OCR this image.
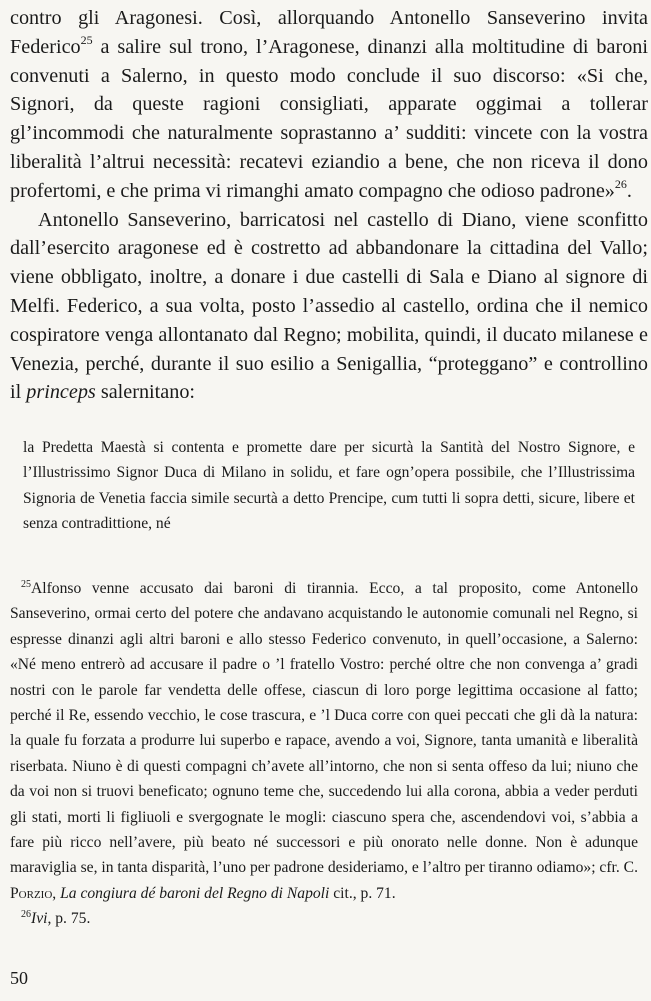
contro gli Aragonesi. Così, allorquando Antonello Sanseverino invita Federico$^{25}$ a salire sul trono, l’Aragonese, dinanzi alla moltitudine di baroni convenuti a Salerno, in questo modo conclude il suo discorso: «Si che, Signori, da queste ragioni consigliati, apparate oggimai a tollerar gl’incommodi che naturalmente soprastanno a’ sudditi: vincete con la vostra liberalità l’altrui necessità: recatevi eziandio a bene, che non riceva il dono profertomi, e che prima vi rimanghi amato compagno che odioso padrone»$^{26}$.

Antonello Sanseverino, barricatosi nel castello di Diano, viene sconfitto dall’esercito aragonese ed è costretto ad abbandonare la cittadina del Vallo; viene obbligato, inoltre, a donare i due castelli di Sala e Diano al signore di Melfi. Federico, a sua volta, posto l’assedio al castello, ordina che il nemico cospiratore venga allontanato dal Regno; mobilita, quindi, il ducato milanese e Venezia, perché, durante il suo esilio a Senigallia, “proteggano” e controllino il princeps salernitano:

la Predetta Maestà si contenta e promette dare per sicurtà la Santità del Nostro Signore, e l’Illustrissimo Signor Duca di Milano in solidu, et fare ogn’opera possibile, che l’Illustrissima Signoria de Venetia faccia simile securtà a detto Prencipe, cum tutti li sopra detti, sicure, libere et senza contradittione, né

$^{25}$Alfonso venne accusato dai baroni di tirannia. Ecco, a tal proposito, come Antonello Sanseverino, ormai certo del potere che andavano acquistando le autonomie comunali nel Regno, si espresse dinanzi agli altri baroni e allo stesso Federico convenuto, in quell’occasione, a Salerno: «Né meno entrerò ad accusare il padre o ’l fratello Vostro: perché oltre che non convenga a’ gradi nostri con le parole far vendetta delle offese, ciascun di loro porge legittima occasione al fatto; perché il Re, essendo vecchio, le cose trascura, e ’l Duca corre con quei peccati che gli dà la natura: la quale fu forzata a produrre lui superbo e rapace, avendo a voi, Signore, tanta umanità e liberalità riserbata. Niuno è di questi compagni ch’avete all’intorno, che non si senta offeso da lui; niuno che da voi non si truovi beneficato; ognuno teme che, succedendo lui alla corona, abbia a veder perduti gli stati, morti li figliuoli e svergognate le mogli: ciascuno spera che, ascendendovi voi, s’abbia a fare più ricco nell’avere, più beato né successori e più onorato nelle donne. Non è adunque maraviglia se, in tanta disparità, l’uno per padrone desideriamo, e l’altro per tiranno odiamo»; cfr. C. Porzio, La congiura dé baroni del Regno di Napoli cit., p. 71.

$^{26}$Ivi, p. 75.

50
